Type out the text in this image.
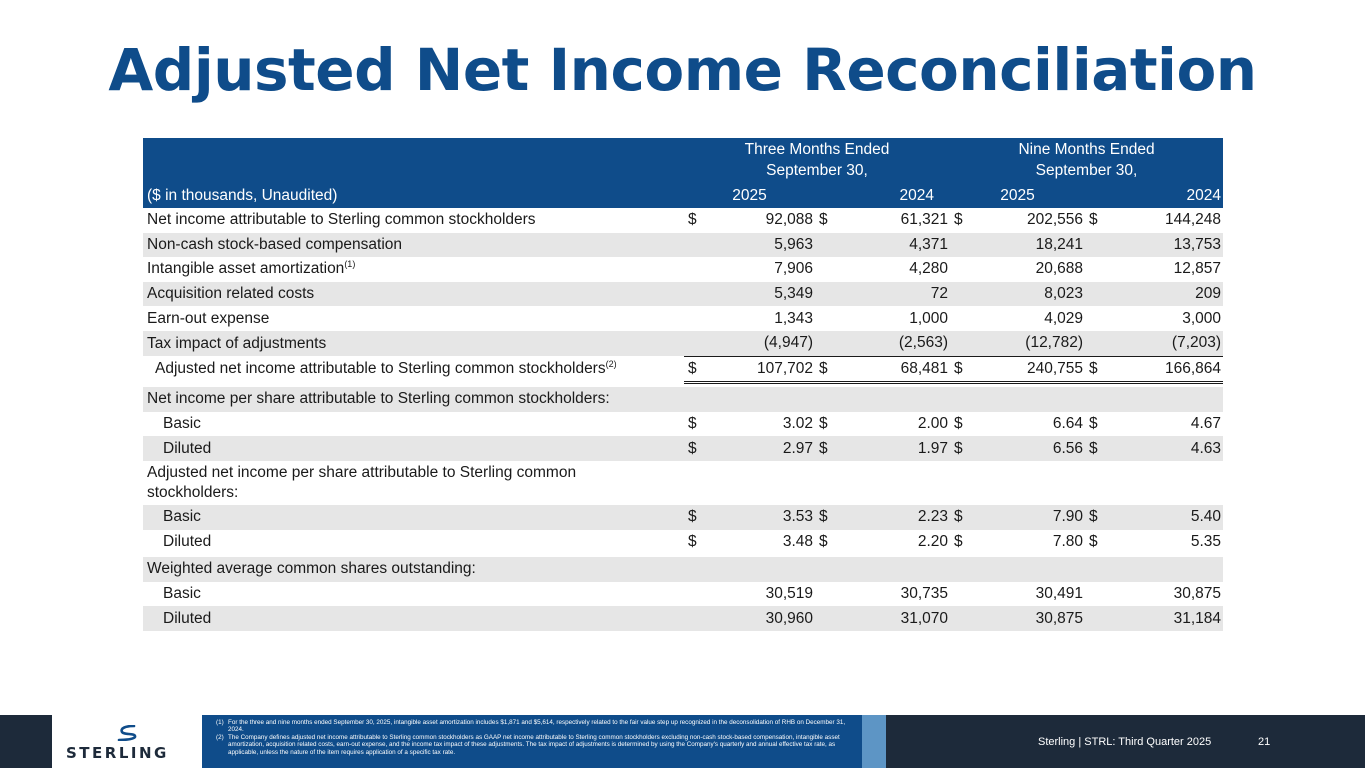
Adjusted Net Income Reconciliation
	Three Months Ended
September 30,				Nine Months Ended
September 30,			
($ in thousands, Unaudited)	2025		2024		2025		2024	
Net income attributable to Sterling common stockholders	$	92,088	$	61,321	$	202,556	$	144,248
Non-cash stock-based compensation		5,963		4,371		18,241		13,753
Intangible asset amortization$^{(1)}$		7,906		4,280		20,688		12,857
Acquisition related costs		5,349		72		8,023		209
Earn-out expense		1,343		1,000		4,029		3,000
Tax impact of adjustments		(4,947)		(2,563)		(12,782)		(7,203)
Adjusted net income attributable to Sterling common stockholders$^{(2)}$	$	107,702	$	68,481	$	240,755	$	166,864

Net income per share attributable to Sterling common stockholders:								
Basic	$	3.02	$	2.00	$	6.64	$	4.67
Diluted	$	2.97	$	1.97	$	6.56	$	4.63
Adjusted net income per share attributable to Sterling common
stockholders:								
Basic	$	3.53	$	2.23	$	7.90	$	5.40
Diluted	$	3.48	$	2.20	$	7.80	$	5.35

Weighted average common shares outstanding:								
Basic		30,519		30,735		30,491		30,875
Diluted		30,960		31,070		30,875		31,184
STERLING
(1) For the three and nine months ended September 30, 2025, intangible asset amortization includes $1,871 and $5,614, respectively related to the fair value step up recognized in the deconsolidation of RHB on December 31, 2024.
(2) The Company defines adjusted net income attributable to Sterling common stockholders as GAAP net income attributable to Sterling common stockholders excluding non-cash stock-based compensation, intangible asset amortization, acquisition related costs, earn-out expense, and the income tax impact of these adjustments. The tax impact of adjustments is determined by using the Company's quarterly and annual effective tax rate, as applicable, unless the nature of the item requires application of a specific tax rate.
Sterling | STRL: Third Quarter 2025	21
